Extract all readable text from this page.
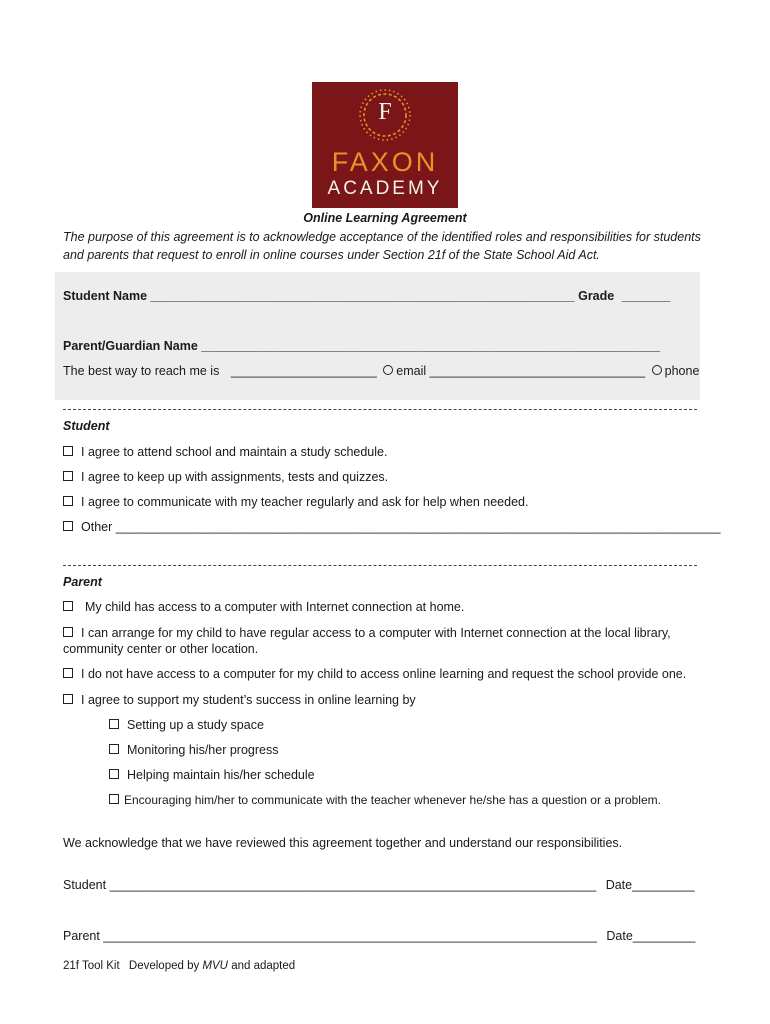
F
FAXON
ACADEMY
Online Learning Agreement
The purpose of this agreement is to acknowledge acceptance of the identified roles and responsibilities for students and parents that request to enroll in online courses under Section 21f of the State School Aid Act.
Student Name _____________________________________________________________ Grade _______
Parent/Guardian Name __________________________________________________________________
The best way to reach me is _____________________ email _______________________________ phone
Student
I agree to attend school and maintain a study schedule.
I agree to keep up with assignments, tests and quizzes.
I agree to communicate with my teacher regularly and ask for help when needed.
Other _______________________________________________________________________________________
Parent
My child has access to a computer with Internet connection at home.
I can arrange for my child to have regular access to a computer with Internet connection at the local library, community center or other location.
I do not have access to a computer for my child to access online learning and request the school provide one.
I agree to support my student’s success in online learning by
Setting up a study space
Monitoring his/her progress
Helping maintain his/her schedule
Encouraging him/her to communicate with the teacher whenever he/she has a question or a problem.
We acknowledge that we have reviewed this agreement together and understand our responsibilities.
Student ______________________________________________________________________ Date_________
Parent _______________________________________________________________________ Date_________
21f Tool Kit Developed by MVU and adapted
